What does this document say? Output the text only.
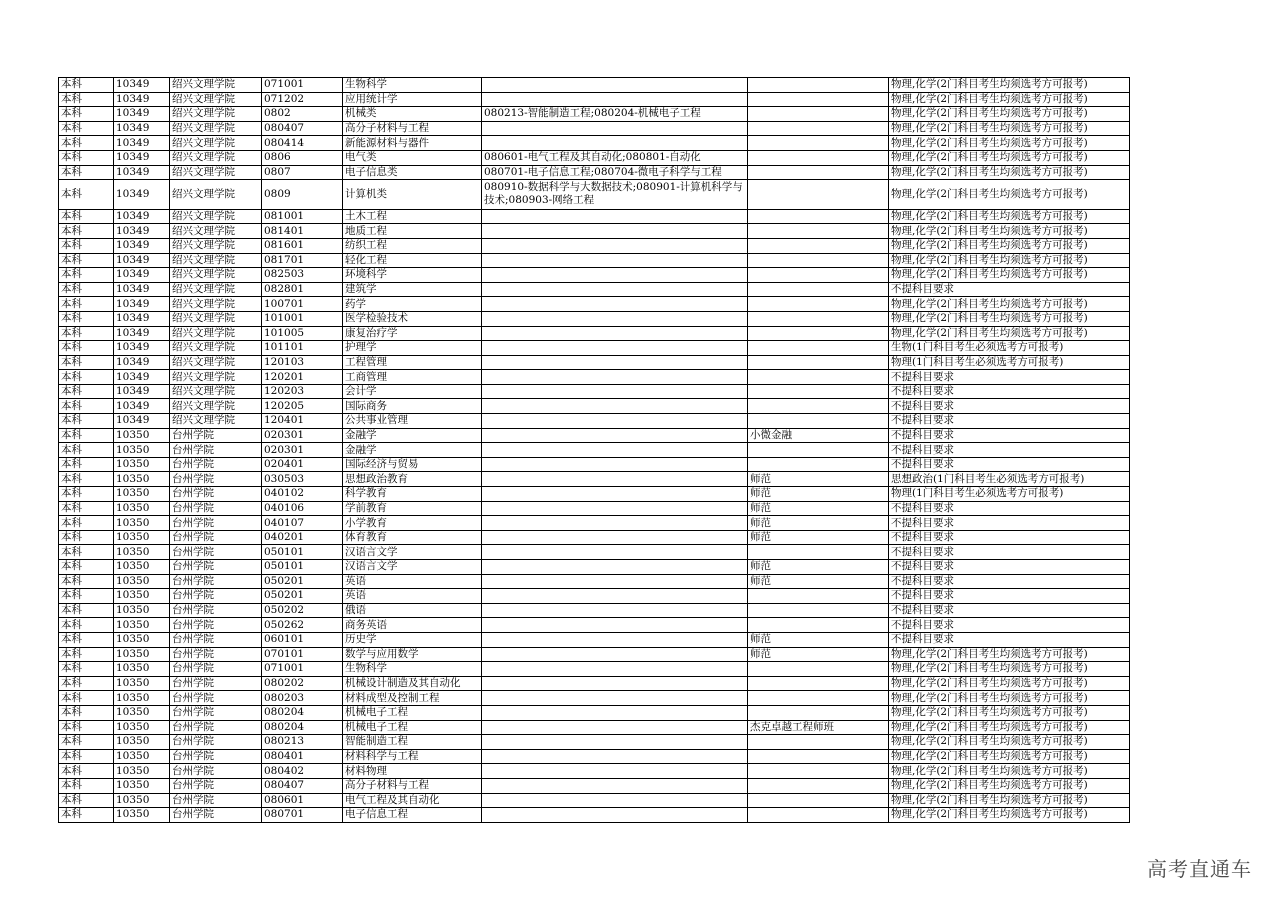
本科	10349	绍兴文理学院	071001	生物科学			物理,化学(2门科目考生均须选考方可报考)
本科	10349	绍兴文理学院	071202	应用统计学			物理,化学(2门科目考生均须选考方可报考)
本科	10349	绍兴文理学院	0802	机械类	080213-智能制造工程;080204-机械电子工程		物理,化学(2门科目考生均须选考方可报考)
本科	10349	绍兴文理学院	080407	高分子材料与工程			物理,化学(2门科目考生均须选考方可报考)
本科	10349	绍兴文理学院	080414	新能源材料与器件			物理,化学(2门科目考生均须选考方可报考)
本科	10349	绍兴文理学院	0806	电气类	080601-电气工程及其自动化;080801-自动化		物理,化学(2门科目考生均须选考方可报考)
本科	10349	绍兴文理学院	0807	电子信息类	080701-电子信息工程;080704-微电子科学与工程		物理,化学(2门科目考生均须选考方可报考)
本科	10349	绍兴文理学院	0809	计算机类	080910-数据科学与大数据技术;080901-计算机科学与技术;080903-网络工程		物理,化学(2门科目考生均须选考方可报考)
本科	10349	绍兴文理学院	081001	土木工程			物理,化学(2门科目考生均须选考方可报考)
本科	10349	绍兴文理学院	081401	地质工程			物理,化学(2门科目考生均须选考方可报考)
本科	10349	绍兴文理学院	081601	纺织工程			物理,化学(2门科目考生均须选考方可报考)
本科	10349	绍兴文理学院	081701	轻化工程			物理,化学(2门科目考生均须选考方可报考)
本科	10349	绍兴文理学院	082503	环境科学			物理,化学(2门科目考生均须选考方可报考)
本科	10349	绍兴文理学院	082801	建筑学			不提科目要求
本科	10349	绍兴文理学院	100701	药学			物理,化学(2门科目考生均须选考方可报考)
本科	10349	绍兴文理学院	101001	医学检验技术			物理,化学(2门科目考生均须选考方可报考)
本科	10349	绍兴文理学院	101005	康复治疗学			物理,化学(2门科目考生均须选考方可报考)
本科	10349	绍兴文理学院	101101	护理学			生物(1门科目考生必须选考方可报考)
本科	10349	绍兴文理学院	120103	工程管理			物理(1门科目考生必须选考方可报考)
本科	10349	绍兴文理学院	120201	工商管理			不提科目要求
本科	10349	绍兴文理学院	120203	会计学			不提科目要求
本科	10349	绍兴文理学院	120205	国际商务			不提科目要求
本科	10349	绍兴文理学院	120401	公共事业管理			不提科目要求
本科	10350	台州学院	020301	金融学		小微金融	不提科目要求
本科	10350	台州学院	020301	金融学			不提科目要求
本科	10350	台州学院	020401	国际经济与贸易			不提科目要求
本科	10350	台州学院	030503	思想政治教育		师范	思想政治(1门科目考生必须选考方可报考)
本科	10350	台州学院	040102	科学教育		师范	物理(1门科目考生必须选考方可报考)
本科	10350	台州学院	040106	学前教育		师范	不提科目要求
本科	10350	台州学院	040107	小学教育		师范	不提科目要求
本科	10350	台州学院	040201	体育教育		师范	不提科目要求
本科	10350	台州学院	050101	汉语言文学			不提科目要求
本科	10350	台州学院	050101	汉语言文学		师范	不提科目要求
本科	10350	台州学院	050201	英语		师范	不提科目要求
本科	10350	台州学院	050201	英语			不提科目要求
本科	10350	台州学院	050202	俄语			不提科目要求
本科	10350	台州学院	050262	商务英语			不提科目要求
本科	10350	台州学院	060101	历史学		师范	不提科目要求
本科	10350	台州学院	070101	数学与应用数学		师范	物理,化学(2门科目考生均须选考方可报考)
本科	10350	台州学院	071001	生物科学			物理,化学(2门科目考生均须选考方可报考)
本科	10350	台州学院	080202	机械设计制造及其自动化			物理,化学(2门科目考生均须选考方可报考)
本科	10350	台州学院	080203	材料成型及控制工程			物理,化学(2门科目考生均须选考方可报考)
本科	10350	台州学院	080204	机械电子工程			物理,化学(2门科目考生均须选考方可报考)
本科	10350	台州学院	080204	机械电子工程		杰克卓越工程师班	物理,化学(2门科目考生均须选考方可报考)
本科	10350	台州学院	080213	智能制造工程			物理,化学(2门科目考生均须选考方可报考)
本科	10350	台州学院	080401	材料科学与工程			物理,化学(2门科目考生均须选考方可报考)
本科	10350	台州学院	080402	材料物理			物理,化学(2门科目考生均须选考方可报考)
本科	10350	台州学院	080407	高分子材料与工程			物理,化学(2门科目考生均须选考方可报考)
本科	10350	台州学院	080601	电气工程及其自动化			物理,化学(2门科目考生均须选考方可报考)
本科	10350	台州学院	080701	电子信息工程			物理,化学(2门科目考生均须选考方可报考)
高考直通车
